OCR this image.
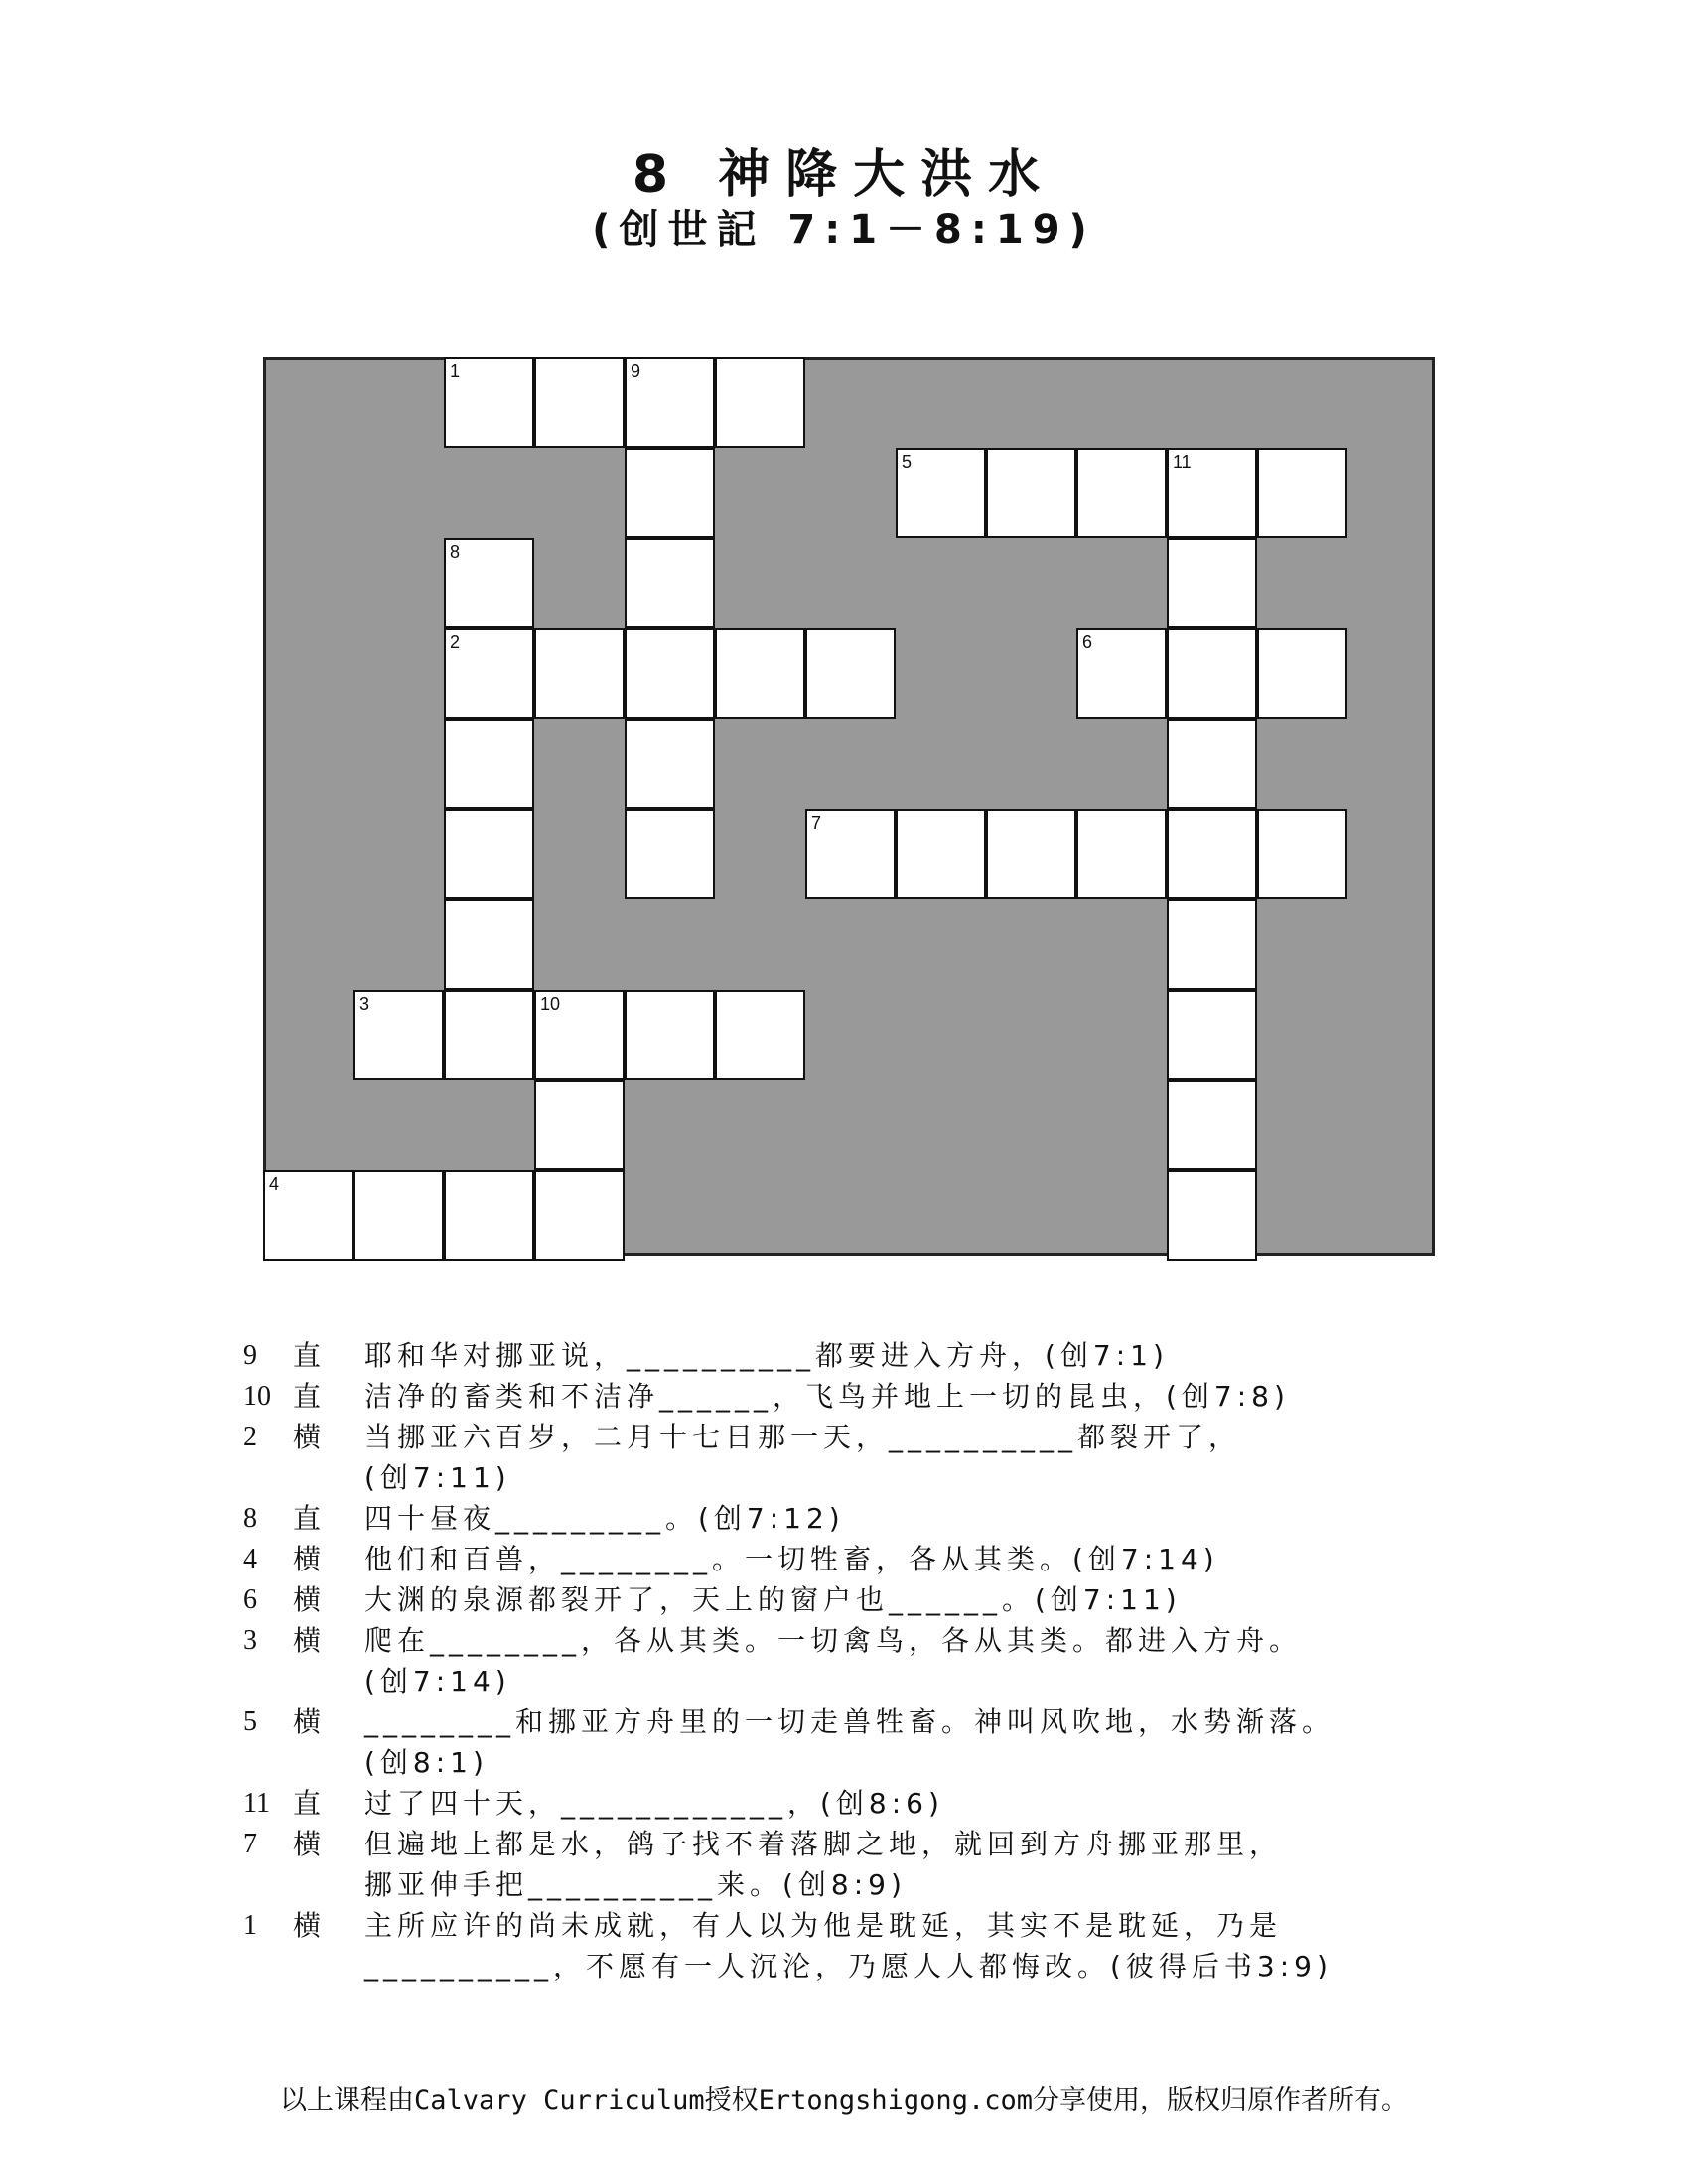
8 神降大洪水
(创世記 7:1－8:19)
1	9
5	11
8
2	6
7
3	10
4
9	直	耶和华对挪亚说，__________都要进入方舟，(创7:1)
10 直	洁净的畜类和不洁净______，飞鸟并地上一切的昆虫，(创7:8)
2	横	当挪亚六百岁，二月十七日那一天，__________都裂开了，
(创7:11)
8	直	四十昼夜_________。(创7:12)
4	横	他们和百兽，________。一切牲畜，各从其类。(创7:14)
6	横	大渊的泉源都裂开了，天上的窗户也______。(创7:11)
3	横	爬在________，各从其类。一切禽鸟，各从其类。都进入方舟。
(创7:14)
5	横	________和挪亚方舟里的一切走兽牲畜。神叫风吹地，水势渐落。
(创8:1)
11 直	过了四十天，____________，(创8:6)
7	横	但遍地上都是水，鸽子找不着落脚之地，就回到方舟挪亚那里，
挪亚伸手把__________来。(创8:9)
1	横	主所应许的尚未成就，有人以为他是耽延，其实不是耽延，乃是
__________，不愿有一人沉沦，乃愿人人都悔改。(彼得后书3:9)
以上课程由Calvary Curriculum授权Ertongshigong.com分享使用，版权归原作者所有。
